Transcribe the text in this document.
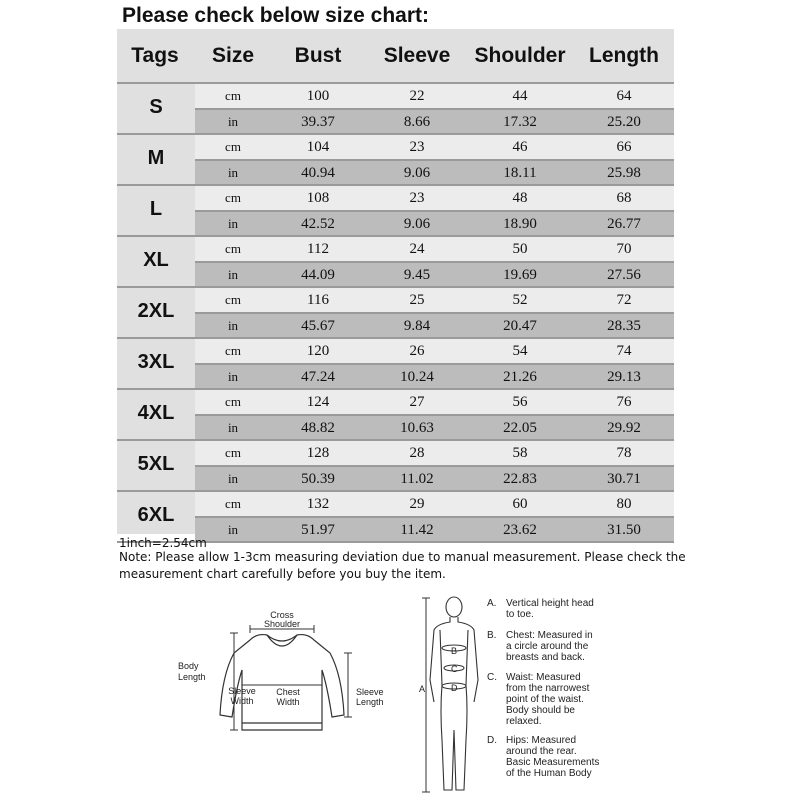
Please check below size chart:
Tags Size Bust Sleeve Shoulder Length
S
cm	100	22	44	64
in	39.37	8.66	17.32	25.20
M
cm	104	23	46	66
in	40.94	9.06	18.11	25.98
L
cm	108	23	48	68
in	42.52	9.06	18.90	26.77
XL
cm	112	24	50	70
in	44.09	9.45	19.69	27.56
2XL
cm	116	25	52	72
in	45.67	9.84	20.47	28.35
3XL
cm	120	26	54	74
in	47.24	10.24	21.26	29.13
4XL
cm	124	27	56	76
in	48.82	10.63	22.05	29.92
5XL
cm	128	28	58	78
in	50.39	11.02	22.83	30.71
6XL
cm	132	29	60	80
in	51.97	11.42	23.62	31.50
1inch=2.54cm
Note: Please allow 1-3cm measuring deviation due to manual measurement. Please check the
measurement chart carefully before you buy the item.
Cross
Shoulder
Body
Length
Sleeve
Width
Chest
Width
Sleeve
Length
A
B
C
D
A. Vertical height head
to toe.
B. Chest: Measured in
a circle around the
breasts and back.
C. Waist: Measured
from the narrowest
point of the waist.
Body should be
relaxed.
D. Hips: Measured
around the rear.
Basic Measurements
of the Human Body
